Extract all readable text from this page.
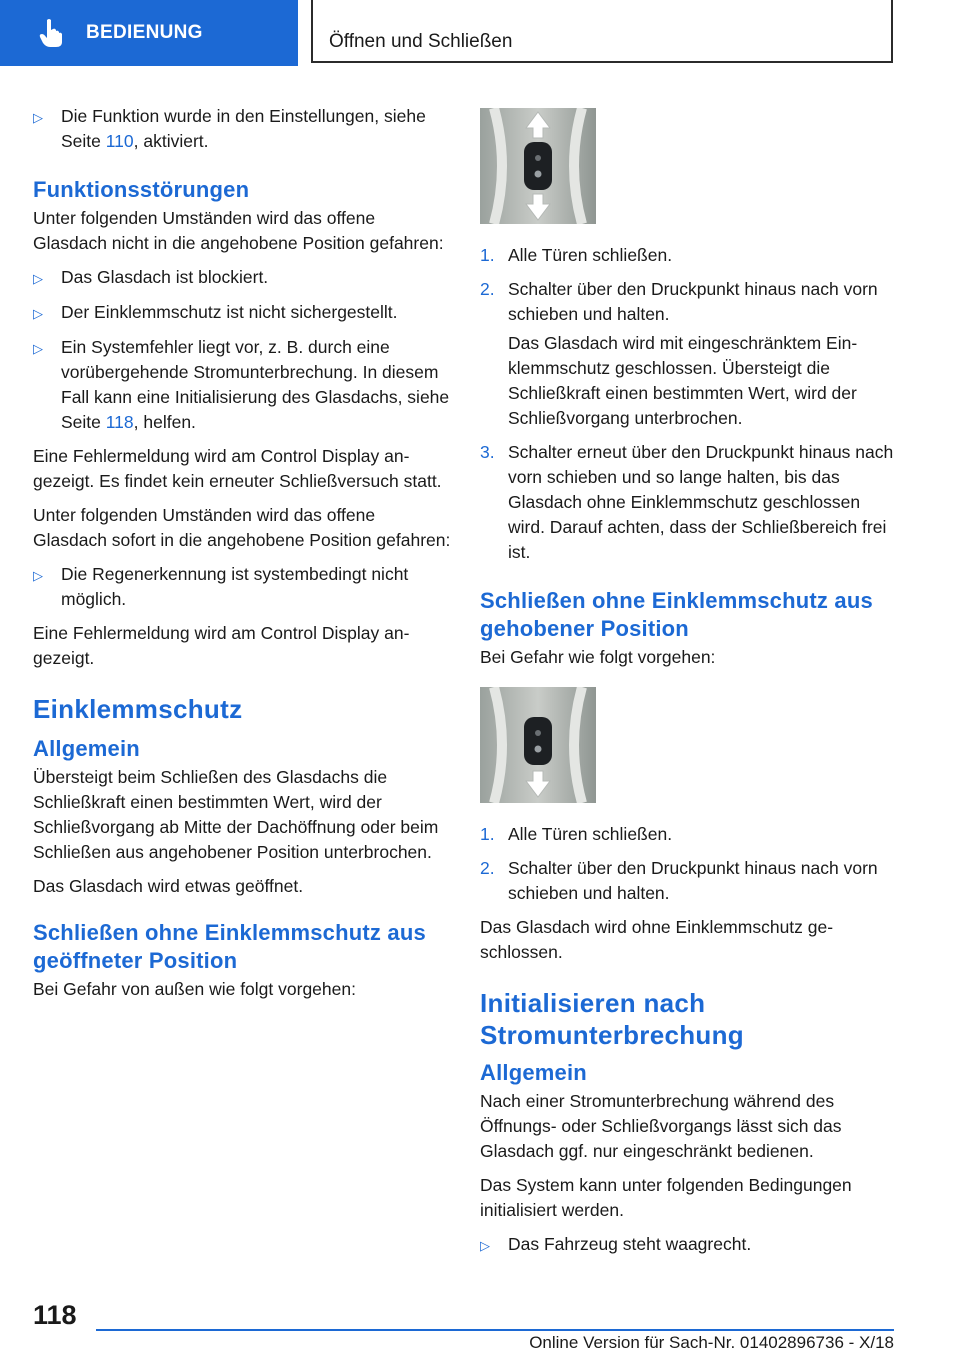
BEDIENUNG	Öffnen und Schließen
▷	Die Funktion wurde in den Einstellungen, siehe Seite 110, aktiviert.
Funktionsstörungen

Unter folgenden Umständen wird das offene Glasdach nicht in die angehobene Position gefahren:

▷	Das Glasdach ist blockiert.
▷	Der Einklemmschutz ist nicht sichergestellt.
▷	Ein Systemfehler liegt vor, z. B. durch eine vorübergehende Stromunterbrechung. In diesem Fall kann eine Initialisierung des Glasdachs, siehe Seite 118, helfen.

Eine Fehlermeldung wird am Control Display angezeigt. Es findet kein erneuter Schließversuch statt.

Unter folgenden Umständen wird das offene Glasdach sofort in die angehobene Position gefahren:

▷	Die Regenerkennung ist systembedingt nicht möglich.

Eine Fehlermeldung wird am Control Display angezeigt.

Einklemmschutz
Allgemein

Übersteigt beim Schließen des Glasdachs die Schließkraft einen bestimmten Wert, wird der Schließvorgang ab Mitte der Dachöffnung oder beim Schließen aus angehobener Position unterbrochen.

Das Glasdach wird etwas geöffnet.

Schließen ohne Einklemmschutz aus geöffneter Position

Bei Gefahr von außen wie folgt vorgehen:

1. Alle Türen schließen.
2. Schalter über den Druckpunkt hinaus nach vorn schieben und halten.

Das Glasdach wird mit eingeschränktem Einklemmschutz geschlossen. Übersteigt die Schließkraft einen bestimmten Wert, wird der Schließvorgang unterbrochen.

3. Schalter erneut über den Druckpunkt hinaus nach vorn schieben und so lange halten, bis das Glasdach ohne Einklemmschutz geschlossen wird. Darauf achten, dass der Schließbereich frei ist.
Schließen ohne Einklemmschutz aus gehobener Position

Bei Gefahr wie folgt vorgehen:

1. Alle Türen schließen.
2. Schalter über den Druckpunkt hinaus nach vorn schieben und halten.

Das Glasdach wird ohne Einklemmschutz geschlossen.

Initialisieren nach Stromunterbrechung
Allgemein

Nach einer Stromunterbrechung während des Öffnungs- oder Schließvorgangs lässt sich das Glasdach ggf. nur eingeschränkt bedienen.

Das System kann unter folgenden Bedingungen initialisiert werden.

▷	Das Fahrzeug steht waagrecht.
118
Online Version für Sach-Nr. 01402896736 - X/18
